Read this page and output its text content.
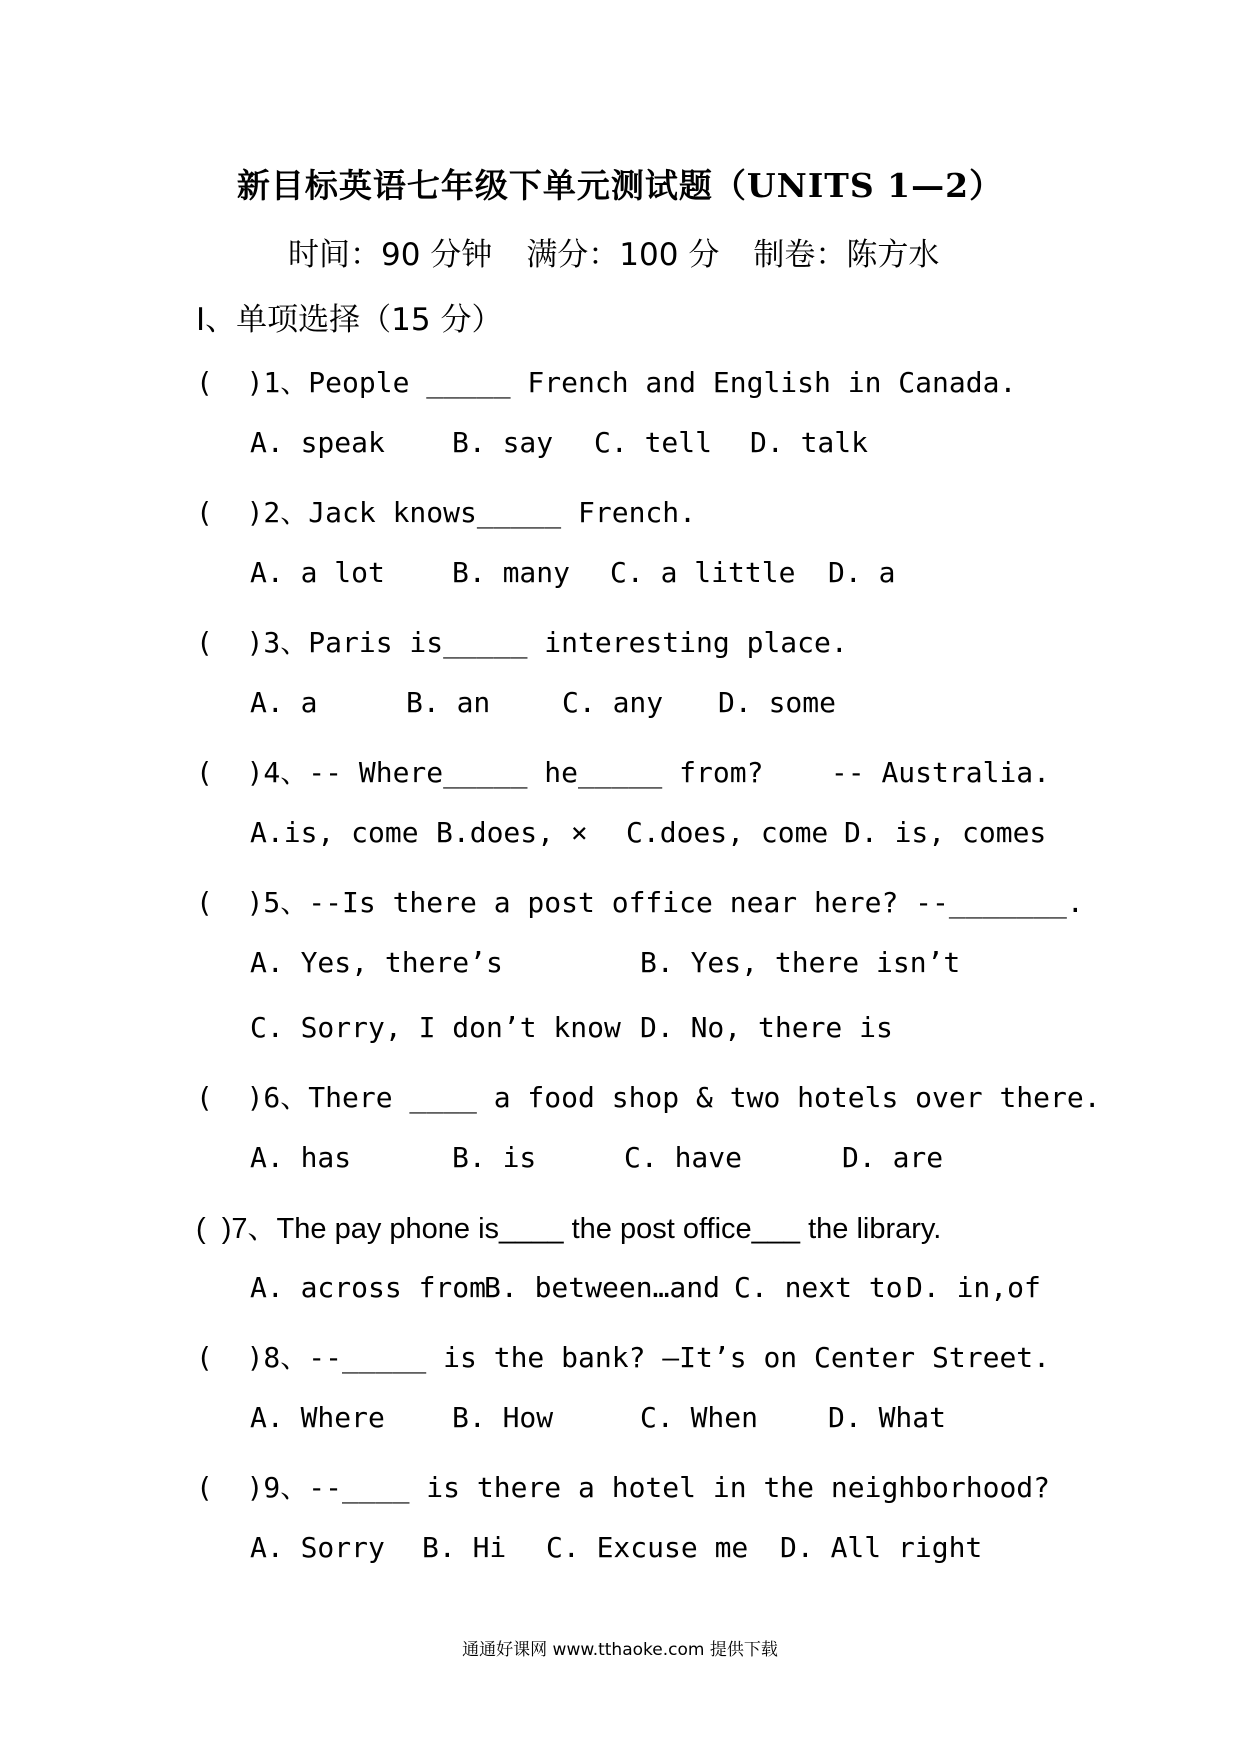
新目标英语七年级下单元测试题（UNITS 1—2）
时间：90 分钟 满分：100 分 制卷：陈方水
Ⅰ、单项选择（15 分）
(  )1、People _____ French and English in Canada.
A. speak B. say C. tell D. talk
(  )2、Jack knows_____ French.
A. a lot B. many C. a little D. a
(  )3、Paris is_____ interesting place.
A. a	B. an	C. any D. some
(  )4、-- Where_____ he_____ from?    -- Australia.
A.is, come B.does, × C.does, come D. is, comes
(  )5、--Is there a post office near here? --_______.
A. Yes, there’s	B. Yes, there isn’t
C. Sorry, I don’t know D. No, there is
(  )6、There ____ a food shop & two hotels over there.
A. has	B. is	C. have	D. are
(  )7、The pay phone is____ the post office___ the library.
A. across from
B. between…and C. next to D. in,of
(  )8、--_____ is the bank? –It’s on Center Street.
A. Where B. How	C. When D. What
(  )9、--____ is there a hotel in the neighborhood?
A. Sorry B. Hi C. Excuse me D. All right
通通好课网 www.tthaoke.com 提供下载
